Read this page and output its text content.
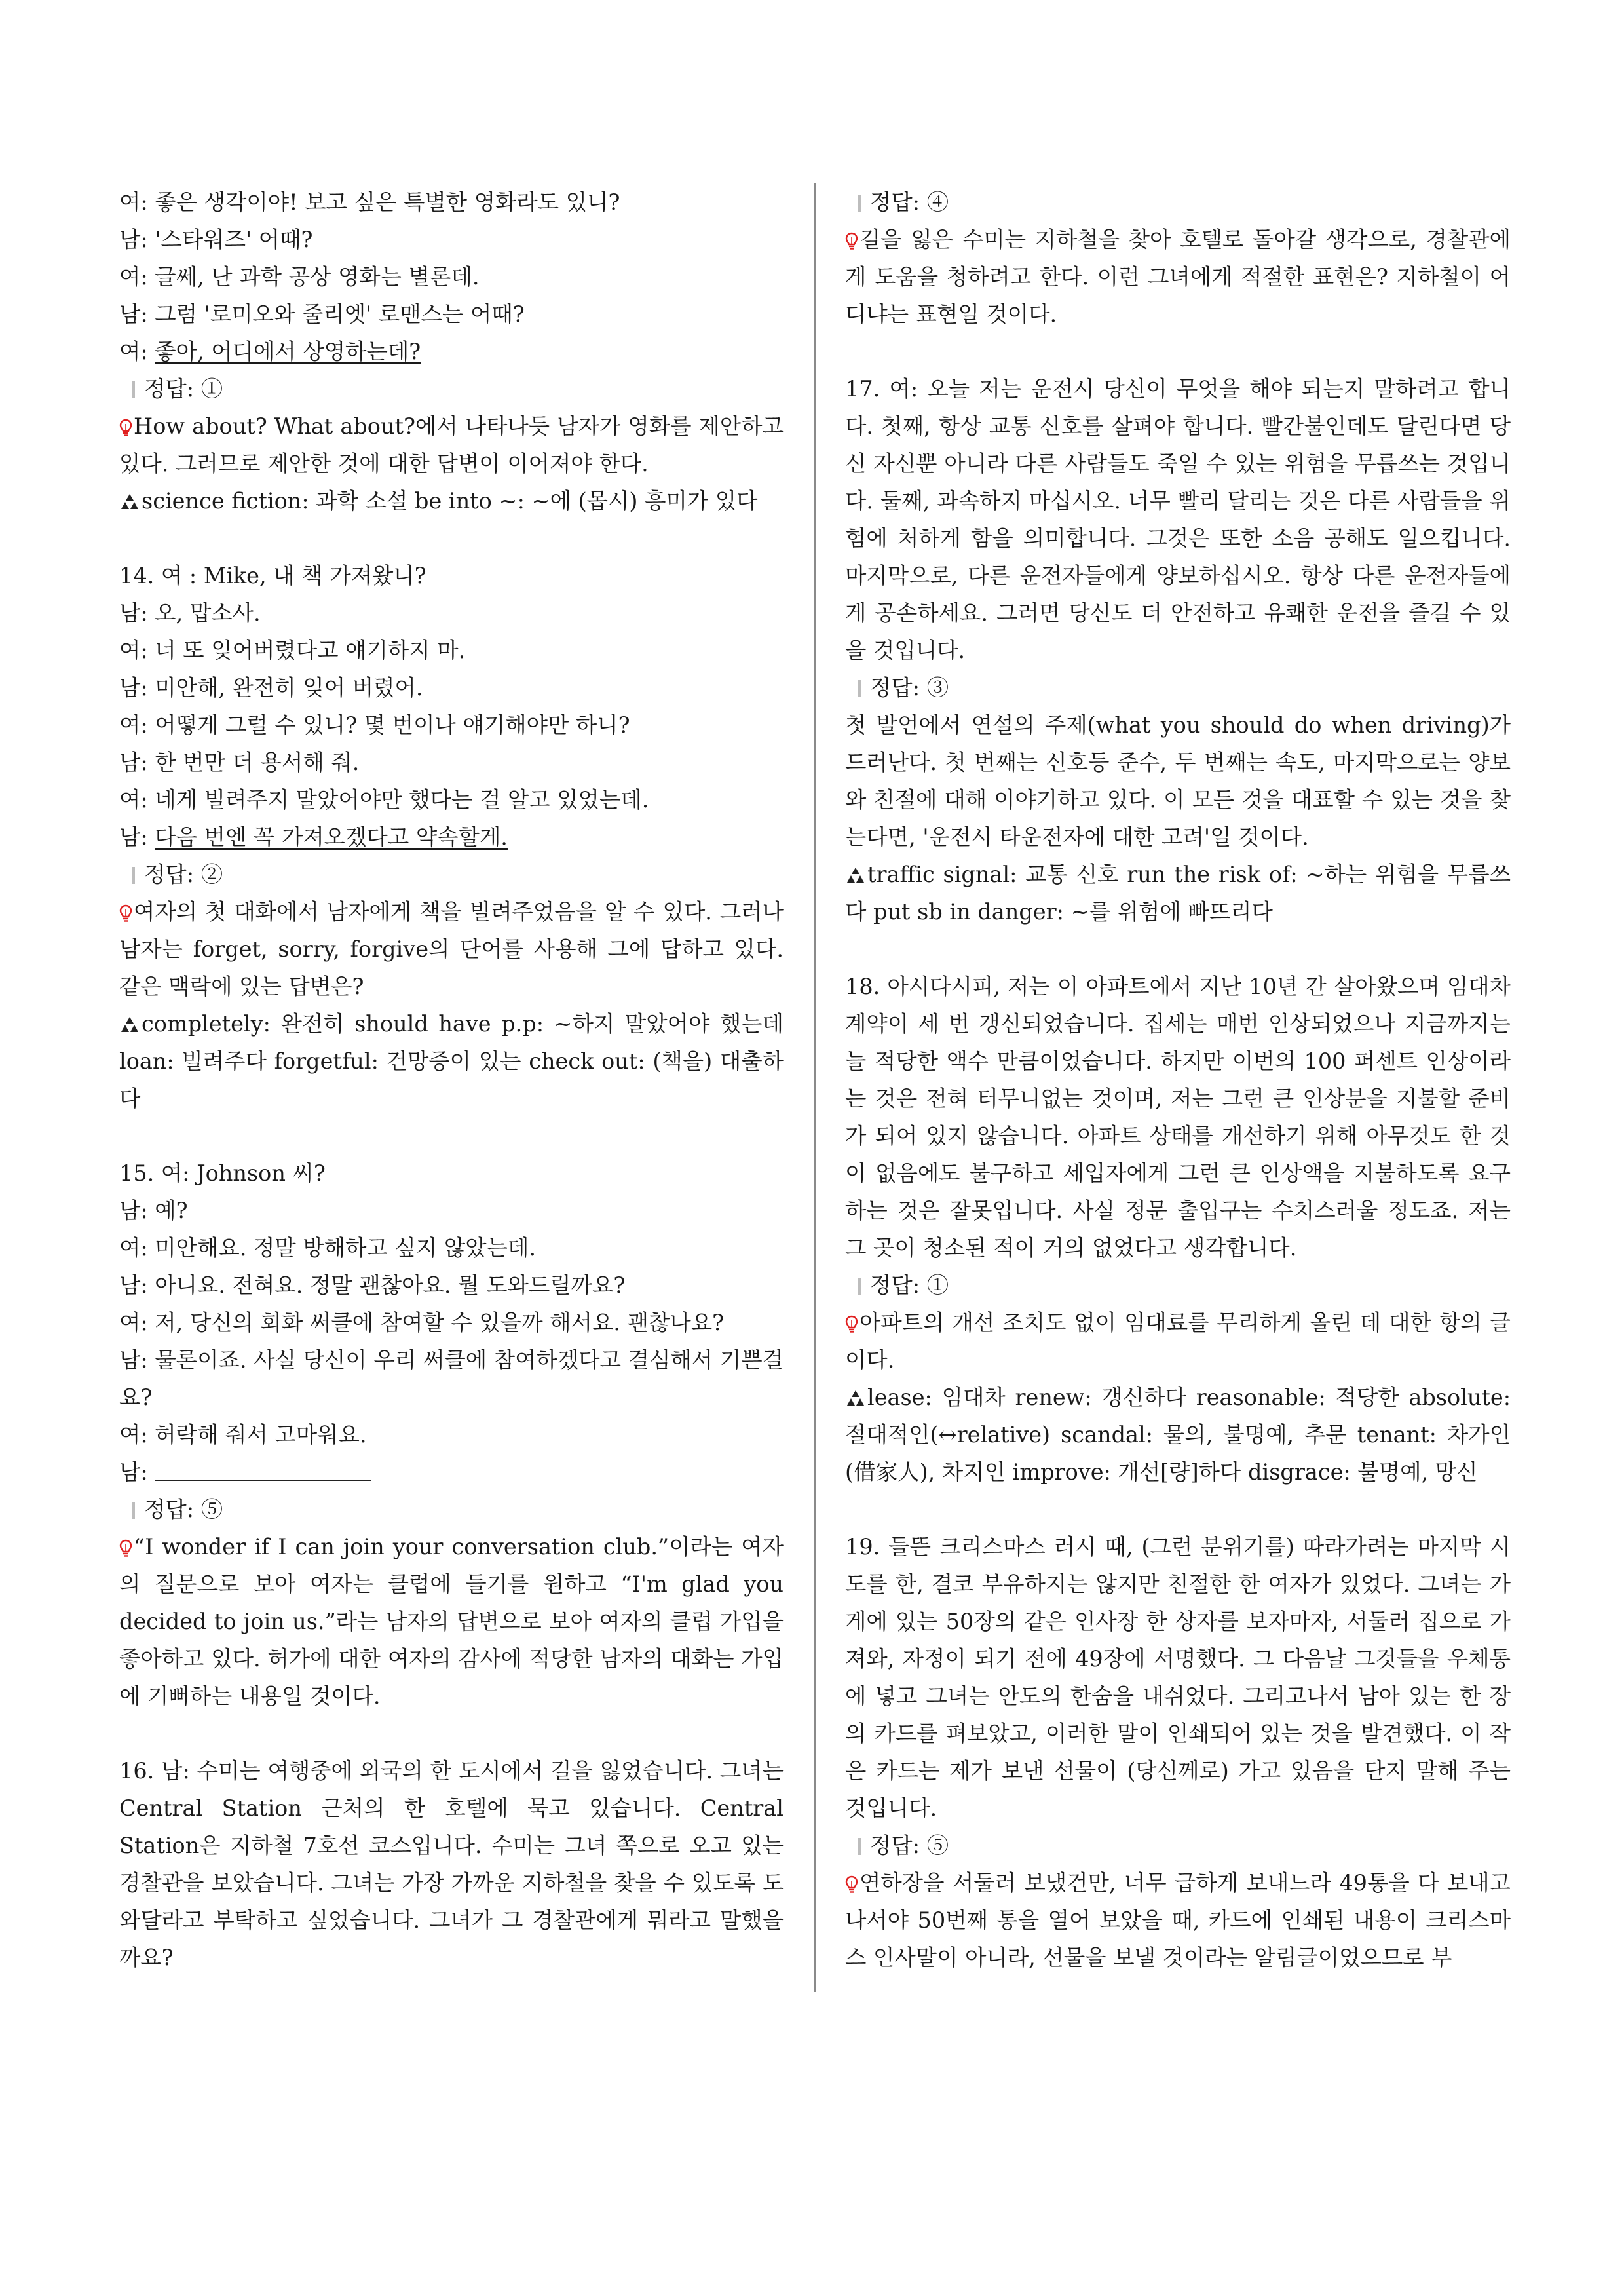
여: 좋은 생각이야! 보고 싶은 특별한 영화라도 있니?
남: '스타워즈' 어때?
여: 글쎄, 난 과학 공상 영화는 별론데.
남: 그럼 '로미오와 줄리엣' 로맨스는 어때?
여: 좋아, 어디에서 상영하는데?
정답: ①
How about? What about?에서 나타나듯 남자가 영화를 제안하고 있다. 그러므로 제안한 것에 대한 답변이 이어져야 한다.
science fiction: 과학 소설 be into ~: ~에 (몹시) 흥미가 있다
14. 여 : Mike, 내 책 가져왔니?
남: 오, 맙소사.
여: 너 또 잊어버렸다고 얘기하지 마.
남: 미안해, 완전히 잊어 버렸어.
여: 어떻게 그럴 수 있니? 몇 번이나 얘기해야만 하니?
남: 한 번만 더 용서해 줘.
여: 네게 빌려주지 말았어야만 했다는 걸 알고 있었는데.
남: 다음 번엔 꼭 가져오겠다고 약속할게.
정답: ②
여자의 첫 대화에서 남자에게 책을 빌려주었음을 알 수 있다. 그러나 남자는 forget, sorry, forgive의 단어를 사용해 그에 답하고 있다. 같은 맥락에 있는 답변은?
completely: 완전히 should have p.p: ~하지 말았어야 했는데 loan: 빌려주다 forgetful: 건망증이 있는 check out: (책을) 대출하다
15. 여: Johnson 씨?
남: 예?
여: 미안해요. 정말 방해하고 싶지 않았는데.
남: 아니요. 전혀요. 정말 괜찮아요. 뭘 도와드릴까요?
여: 저, 당신의 회화 써클에 참여할 수 있을까 해서요. 괜찮나요?
남: 물론이죠. 사실 당신이 우리 써클에 참여하겠다고 결심해서 기쁜걸요?
여: 허락해 줘서 고마워요.
남:
정답: ⑤
“I wonder if I can join your conversation club.”이라는 여자의 질문으로 보아 여자는 클럽에 들기를 원하고 “I'm glad you decided to join us.”라는 남자의 답변으로 보아 여자의 클럽 가입을 좋아하고 있다. 허가에 대한 여자의 감사에 적당한 남자의 대화는 가입에 기뻐하는 내용일 것이다.
16. 남: 수미는 여행중에 외국의 한 도시에서 길을 잃었습니다. 그녀는 Central Station 근처의 한 호텔에 묵고 있습니다. Central Station은 지하철 7호선 코스입니다. 수미는 그녀 쪽으로 오고 있는 경찰관을 보았습니다. 그녀는 가장 가까운 지하철을 찾을 수 있도록 도와달라고 부탁하고 싶었습니다. 그녀가 그 경찰관에게 뭐라고 말했을까요?
정답: ④
길을 잃은 수미는 지하철을 찾아 호텔로 돌아갈 생각으로, 경찰관에게 도움을 청하려고 한다. 이런 그녀에게 적절한 표현은? 지하철이 어디냐는 표현일 것이다.
17. 여: 오늘 저는 운전시 당신이 무엇을 해야 되는지 말하려고 합니다. 첫째, 항상 교통 신호를 살펴야 합니다. 빨간불인데도 달린다면 당신 자신뿐 아니라 다른 사람들도 죽일 수 있는 위험을 무릅쓰는 것입니다. 둘째, 과속하지 마십시오. 너무 빨리 달리는 것은 다른 사람들을 위험에 처하게 함을 의미합니다. 그것은 또한 소음 공해도 일으킵니다. 마지막으로, 다른 운전자들에게 양보하십시오. 항상 다른 운전자들에게 공손하세요. 그러면 당신도 더 안전하고 유쾌한 운전을 즐길 수 있을 것입니다.
정답: ③
첫 발언에서 연설의 주제(what you should do when driving)가 드러난다. 첫 번째는 신호등 준수, 두 번째는 속도, 마지막으로는 양보와 친절에 대해 이야기하고 있다. 이 모든 것을 대표할 수 있는 것을 찾는다면, '운전시 타운전자에 대한 고려'일 것이다.
traffic signal: 교통 신호 run the risk of: ~하는 위험을 무릅쓰다 put sb in danger: ~를 위험에 빠뜨리다
18. 아시다시피, 저는 이 아파트에서 지난 10년 간 살아왔으며 임대차 계약이 세 번 갱신되었습니다. 집세는 매번 인상되었으나 지금까지는 늘 적당한 액수 만큼이었습니다. 하지만 이번의 100 퍼센트 인상이라는 것은 전혀 터무니없는 것이며, 저는 그런 큰 인상분을 지불할 준비가 되어 있지 않습니다. 아파트 상태를 개선하기 위해 아무것도 한 것이 없음에도 불구하고 세입자에게 그런 큰 인상액을 지불하도록 요구하는 것은 잘못입니다. 사실 정문 출입구는 수치스러울 정도죠. 저는 그 곳이 청소된 적이 거의 없었다고 생각합니다.
정답: ①
아파트의 개선 조치도 없이 임대료를 무리하게 올린 데 대한 항의 글이다.
lease: 임대차 renew: 갱신하다 reasonable: 적당한 absolute: 절대적인(↔relative) scandal: 물의, 불명예, 추문 tenant: 차가인(借家人), 차지인 improve: 개선[량]하다 disgrace: 불명예, 망신
19. 들뜬 크리스마스 러시 때, (그런 분위기를) 따라가려는 마지막 시도를 한, 결코 부유하지는 않지만 친절한 한 여자가 있었다. 그녀는 가게에 있는 50장의 같은 인사장 한 상자를 보자마자, 서둘러 집으로 가져와, 자정이 되기 전에 49장에 서명했다. 그 다음날 그것들을 우체통에 넣고 그녀는 안도의 한숨을 내쉬었다. 그리고나서 남아 있는 한 장의 카드를 펴보았고, 이러한 말이 인쇄되어 있는 것을 발견했다. 이 작은 카드는 제가 보낸 선물이 (당신께로) 가고 있음을 단지 말해 주는 것입니다.
정답: ⑤
연하장을 서둘러 보냈건만, 너무 급하게 보내느라 49통을 다 보내고 나서야 50번째 통을 열어 보았을 때, 카드에 인쇄된 내용이 크리스마스 인사말이 아니라, 선물을 보낼 것이라는 알림글이었으므로 부
